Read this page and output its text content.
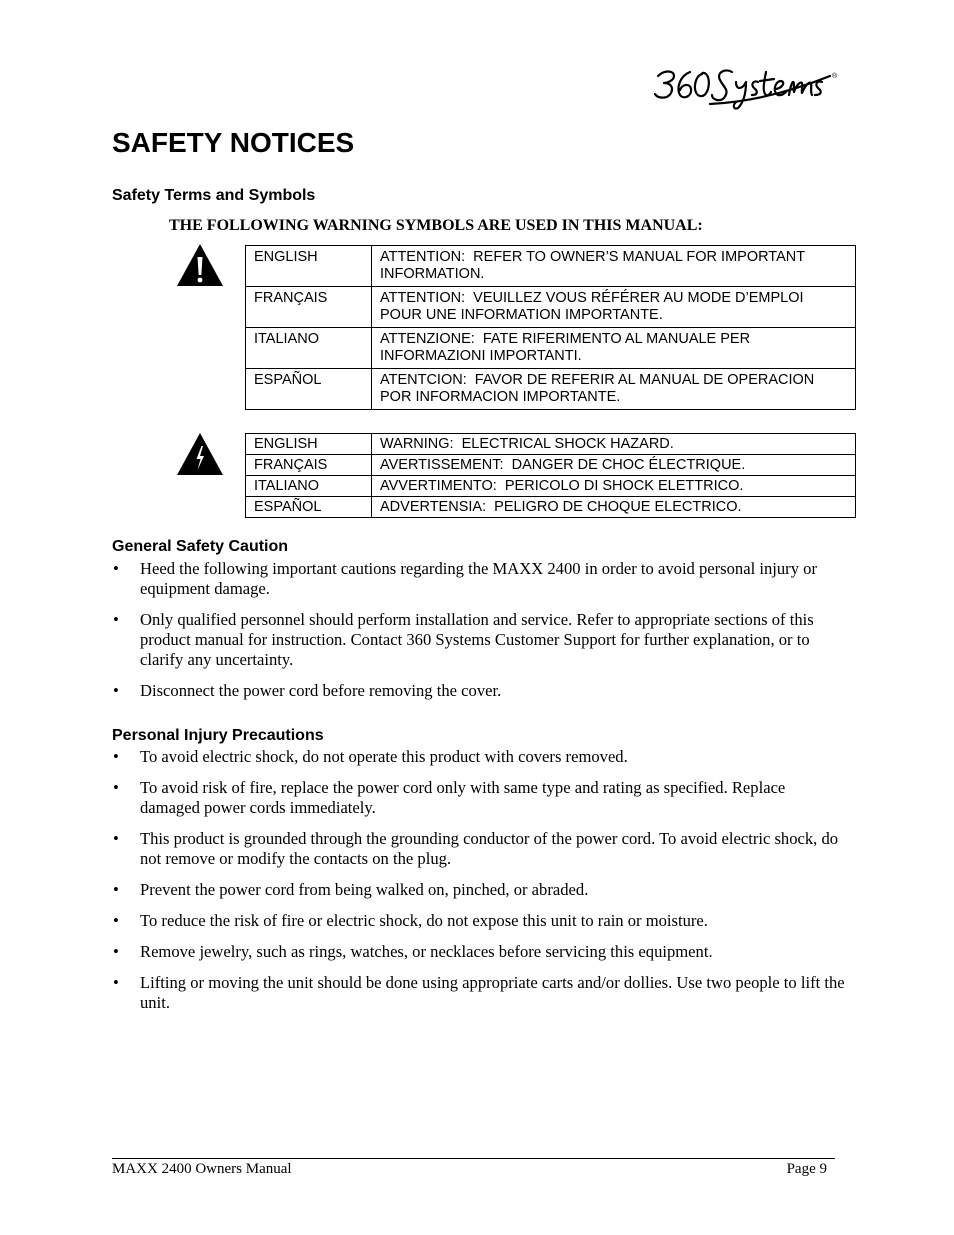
®
SAFETY NOTICES
Safety Terms and Symbols
THE FOLLOWING WARNING SYMBOLS ARE USED IN THIS MANUAL:
ENGLISH	ATTENTION:  REFER TO OWNER’S MANUAL FOR IMPORTANT INFORMATION.
FRANÇAIS	ATTENTION:  VEUILLEZ VOUS RÉFÉRER AU MODE D’EMPLOI POUR UNE INFORMATION IMPORTANTE.
ITALIANO	ATTENZIONE:  FATE RIFERIMENTO AL MANUALE PER INFORMAZIONI IMPORTANTI.
ESPAÑOL	ATENTCION:  FAVOR DE REFERIR AL MANUAL DE OPERACION POR INFORMACION IMPORTANTE.
ENGLISH	WARNING:  ELECTRICAL SHOCK HAZARD.
FRANÇAIS	AVERTISSEMENT:  DANGER DE CHOC ÉLECTRIQUE.
ITALIANO	AVVERTIMENTO:  PERICOLO DI SHOCK ELETTRICO.
ESPAÑOL	ADVERTENSIA:  PELIGRO DE CHOQUE ELECTRICO.
General Safety Caution
• Heed the following important cautions regarding the MAXX 2400 in order to avoid personal injury or equipment damage.
• Only qualified personnel should perform installation and service. Refer to appropriate sections of this product manual for instruction. Contact 360 Systems Customer Support for further explanation, or to clarify any uncertainty.
• Disconnect the power cord before removing the cover.
Personal Injury Precautions
• To avoid electric shock, do not operate this product with covers removed.
• To avoid risk of fire, replace the power cord only with same type and rating as specified. Replace damaged power cords immediately.
• This product is grounded through the grounding conductor of the power cord. To avoid electric shock, do not remove or modify the contacts on the plug.
• Prevent the power cord from being walked on, pinched, or abraded.
• To reduce the risk of fire or electric shock, do not expose this unit to rain or moisture.
• Remove jewelry, such as rings, watches, or necklaces before servicing this equipment.
• Lifting or moving the unit should be done using appropriate carts and/or dollies. Use two people to lift the unit.
MAXX 2400 Owners Manual	Page 9
